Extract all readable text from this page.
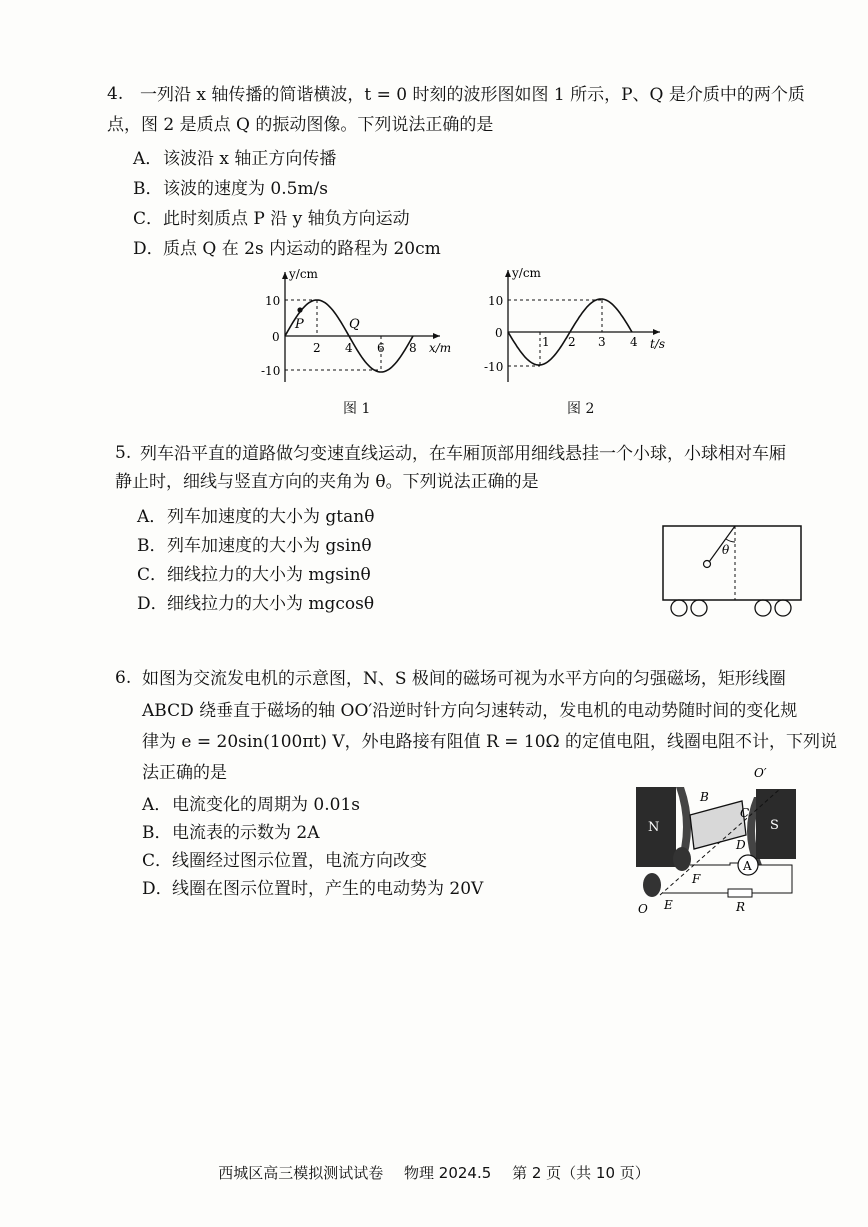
4. 一列沿 x 轴传播的简谐横波，t = 0 时刻的波形图如图 1 所示，P、Q 是介质中的两个质
点，图 2 是质点 Q 的振动图像。下列说法正确的是
A．该波沿 x 轴正方向传播
B．该波的速度为 0.5m/s
C．此时刻质点 P 沿 y 轴负方向运动
D．质点 Q 在 2s 内运动的路程为 20cm
P	Q
y/cm
x/m
10
0
-10
2 4 6 8
图 1
y/cm
t/s
10
0
-10
1 2 3 4
图 2
5. 列车沿平直的道路做匀变速直线运动，在车厢顶部用细线悬挂一个小球，小球相对车厢
静止时，细线与竖直方向的夹角为 θ。下列说法正确的是
A．列车加速度的大小为 gtanθ
B．列车加速度的大小为 gsinθ
C．细线拉力的大小为 mgsinθ
D．细线拉力的大小为 mgcosθ
θ
6. 如图为交流发电机的示意图，N、S 极间的磁场可视为水平方向的匀强磁场，矩形线圈
ABCD 绕垂直于磁场的轴 OO′沿逆时针方向匀速转动，发电机的电动势随时间的变化规
律为 e = 20sin(100πt) V，外电路接有阻值 R = 10Ω 的定值电阻，线圈电阻不计，下列说
法正确的是
A．电流变化的周期为 0.01s
B．电流表的示数为 2A
C．线圈经过图示位置，电流方向改变
D．线圈在图示位置时，产生的电动势为 20V
N	S
B
C
D
O′
F
E
O
A
R
西城区高三模拟测试试卷 物理 2024.5 第 2 页（共 10 页）
